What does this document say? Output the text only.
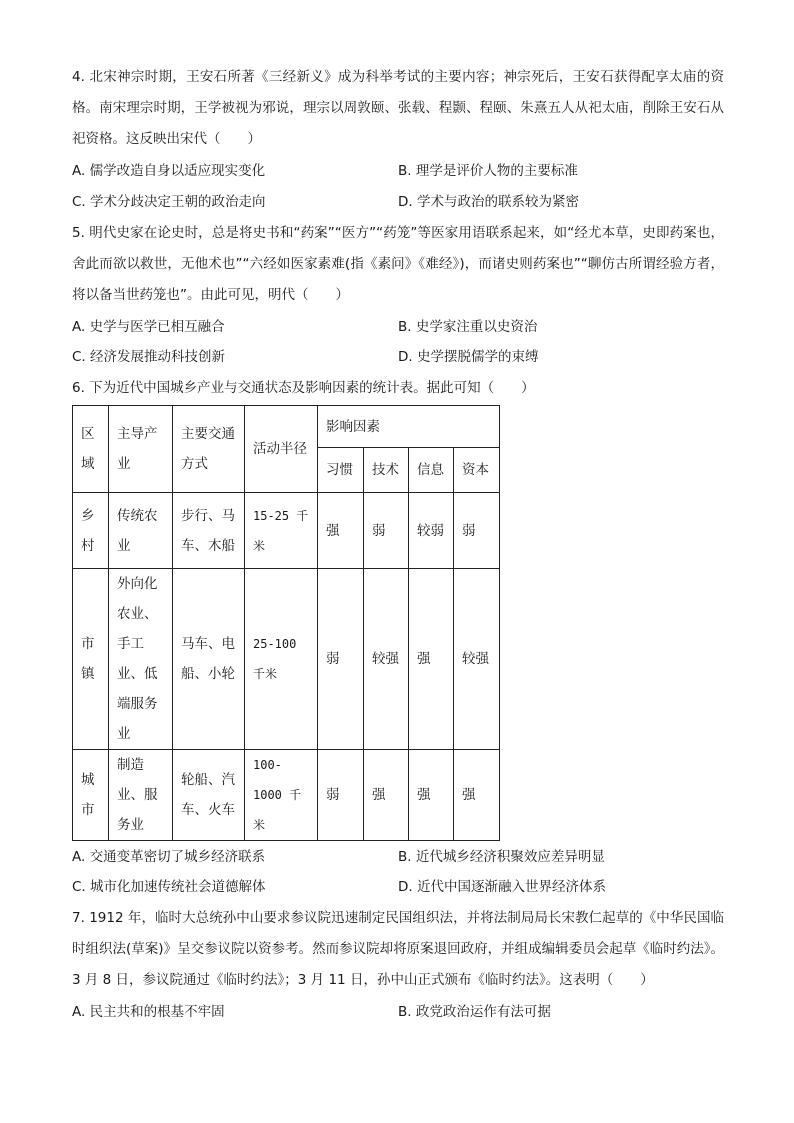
4. 北宋神宗时期，王安石所著《三经新义》成为科举考试的主要内容；神宗死后，王安石获得配享太庙的资格。南宋理宗时期，王学被视为邪说，理宗以周敦颐、张载、程颢、程颐、朱熹五人从祀太庙，削除王安石从祀资格。这反映出宋代（　　）

A. 儒学改造自身以适应现实变化	B. 理学是评价人物的主要标准
C. 学术分歧决定王朝的政治走向	D. 学术与政治的联系较为紧密

5. 明代史家在论史时，总是将史书和“药案”“医方”“药笼”等医家用语联系起来，如“经尤本草，史即药案也，舍此而欲以救世，无他术也”“六经如医家素难(指《素问》《难经》)，而诸史则药案也”“聊仿古所谓经验方者，将以备当世药笼也”。由此可见，明代（　　）

A. 史学与医学已相互融合	B. 史学家注重以史资治
C. 经济发展推动科技创新	D. 史学摆脱儒学的束缚

6. 下为近代中国城乡产业与交通状态及影响因素的统计表。据此可知（　　）

区域	主导产业	主要交通方式	活动半径	影响因素			
				习惯	技术	信息	资本
乡村	传统农业	步行、马车、木船	15-25 千米	强	弱	较弱	弱
市镇	外向化农业、手工业、低端服务业	马车、电船、小轮	25-100 千米	弱	较强	强	较强
城市	制造业、服务业	轮船、汽车、火车	100-1000 千米	弱	强	强	强
A. 交通变革密切了城乡经济联系	B. 近代城乡经济积聚效应差异明显
C. 城市化加速传统社会道德解体	D. 近代中国逐渐融入世界经济体系

7. 1912 年，临时大总统孙中山要求参议院迅速制定民国组织法，并将法制局局长宋教仁起草的《中华民国临时组织法(草案)》呈交参议院以资参考。然而参议院却将原案退回政府，并组成编辑委员会起草《临时约法》。3 月 8 日，参议院通过《临时约法》；3 月 11 日，孙中山正式颁布《临时约法》。这表明（　　）

A. 民主共和的根基不牢固	B. 政党政治运作有法可据
